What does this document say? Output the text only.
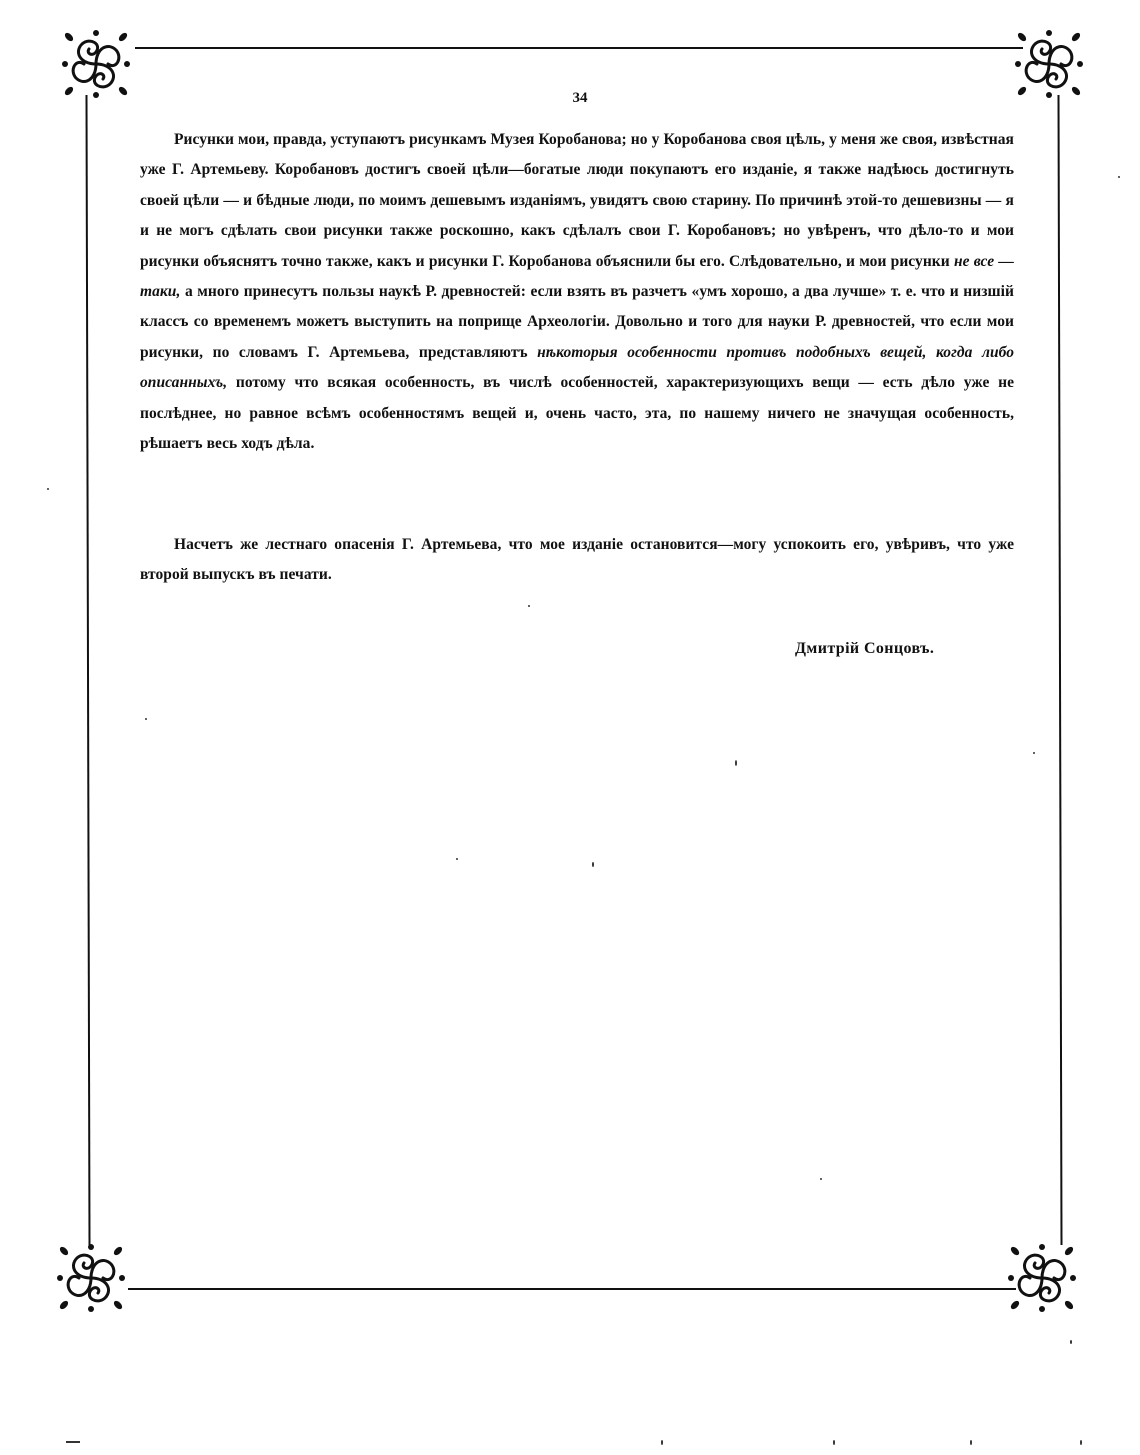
34
Рисунки мои, правда, уступаютъ рисункамъ Музея Коробанова; но у Коробанова своя цѣль, у меня же своя, извѣстная уже Г. Артемьеву. Коробановъ достигъ своей цѣли—богатые люди покупаютъ его изданіе, я также надѣюсь достигнуть своей цѣли — и бѣдные люди, по моимъ дешевымъ изданіямъ, увидятъ свою старину. По причинѣ этой-то дешевизны — я и не могъ сдѣлать свои рисунки также роскошно, какъ сдѣлалъ свои Г. Коробановъ; но увѣренъ, что дѣло-то и мои рисунки объяснятъ точно также, какъ и рисунки Г. Коробанова объяснили бы его. Слѣдовательно, и мои рисунки не все — таки, а много принесутъ пользы наукѣ Р. древностей: если взять въ разчетъ «умъ хорошо, а два лучше» т. е. что и низшій классъ со временемъ можетъ выступить на поприще Археологіи. Довольно и того для науки Р. древностей, что если мои рисунки, по словамъ Г. Артемьева, представляютъ нѣкоторыя особенности противъ подобныхъ вещей, когда либо описанныхъ, потому что всякая особенность, въ числѣ особенностей, характеризующихъ вещи — есть дѣло уже не послѣднее, но равное всѣмъ особенностямъ вещей и, очень часто, эта, по нашему ничего не значущая особенность, рѣшаетъ весь ходъ дѣла.
Насчетъ же лестнаго опасенія Г. Артемьева, что мое изданіе остановится—могу успокоить его, увѣривъ, что уже второй выпускъ въ печати.
Дмитрій Сонцовъ.
